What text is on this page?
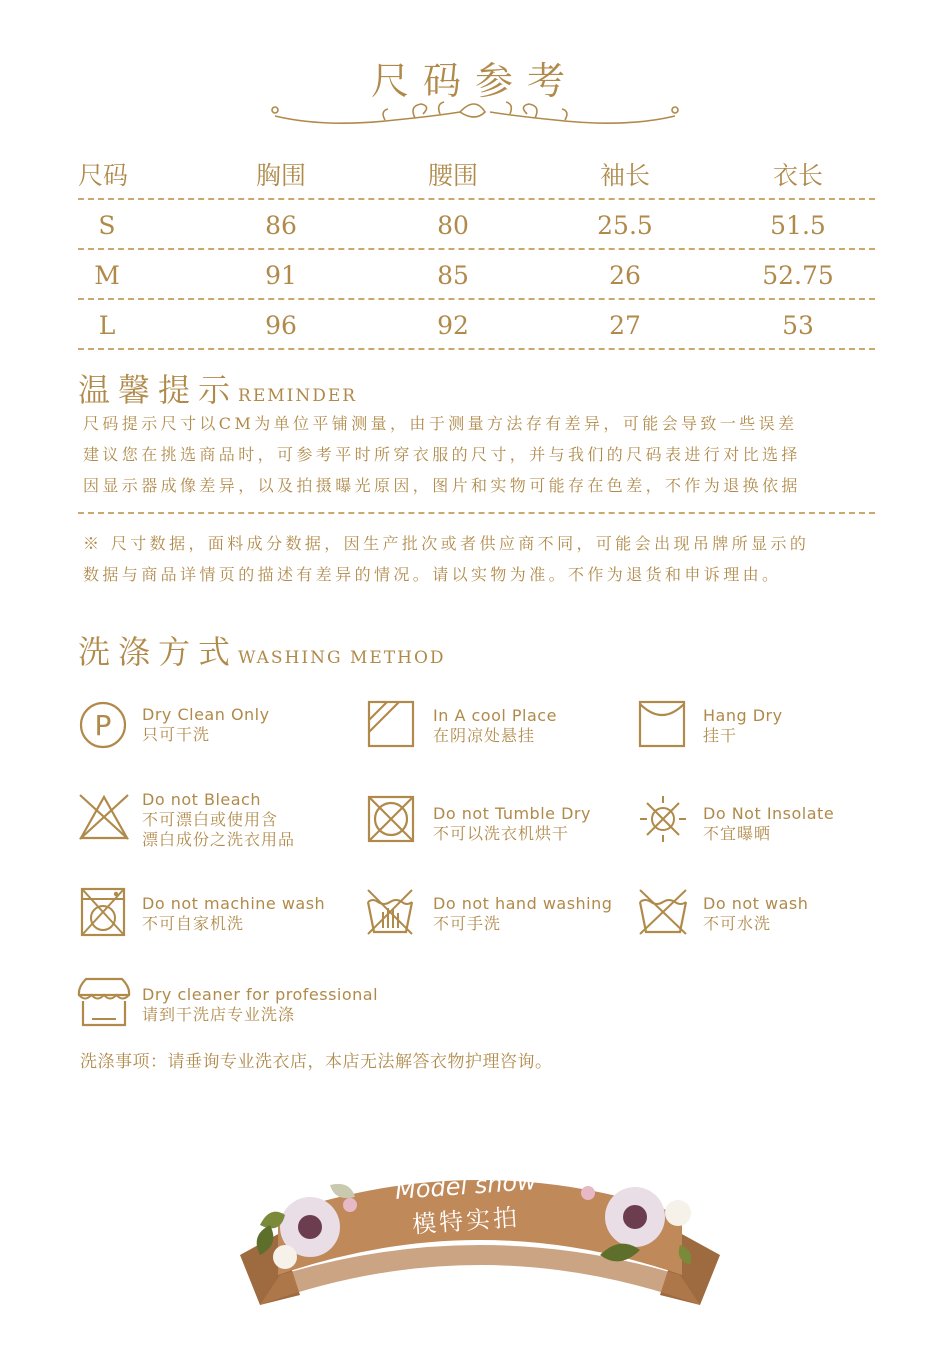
尺码参考
尺码	胸围	腰围	袖长	衣长
S	86	80	25.5	51.5
M	91	85	26	52.75
L	96	92	27	53
温馨提示REMINDER
尺码提示尺寸以CM为单位平铺测量，由于测量方法存有差异，可能会导致一些误差
建议您在挑选商品时，可参考平时所穿衣服的尺寸，并与我们的尺码表进行对比选择
因显示器成像差异，以及拍摄曝光原因，图片和实物可能存在色差，不作为退换依据
※ 尺寸数据，面料成分数据，因生产批次或者供应商不同，可能会出现吊牌所显示的
数据与商品详情页的描述有差异的情况。请以实物为准。不作为退货和申诉理由。
洗涤方式WASHING METHOD
P Dry Clean Only
只可干洗
In A cool Place
在阴凉处悬挂
Hang Dry
挂干
Do not Bleach
不可漂白或使用含
漂白成份之洗衣用品
Do not Tumble Dry
不可以洗衣机烘干
Do Not Insolate
不宜曝晒
Do not machine wash
不可自家机洗
Do not hand washing
不可手洗
Do not wash
不可水洗
Dry cleaner for professional
请到干洗店专业洗涤
洗涤事项：请垂询专业洗衣店，本店无法解答衣物护理咨询。
Model show
模特实拍
